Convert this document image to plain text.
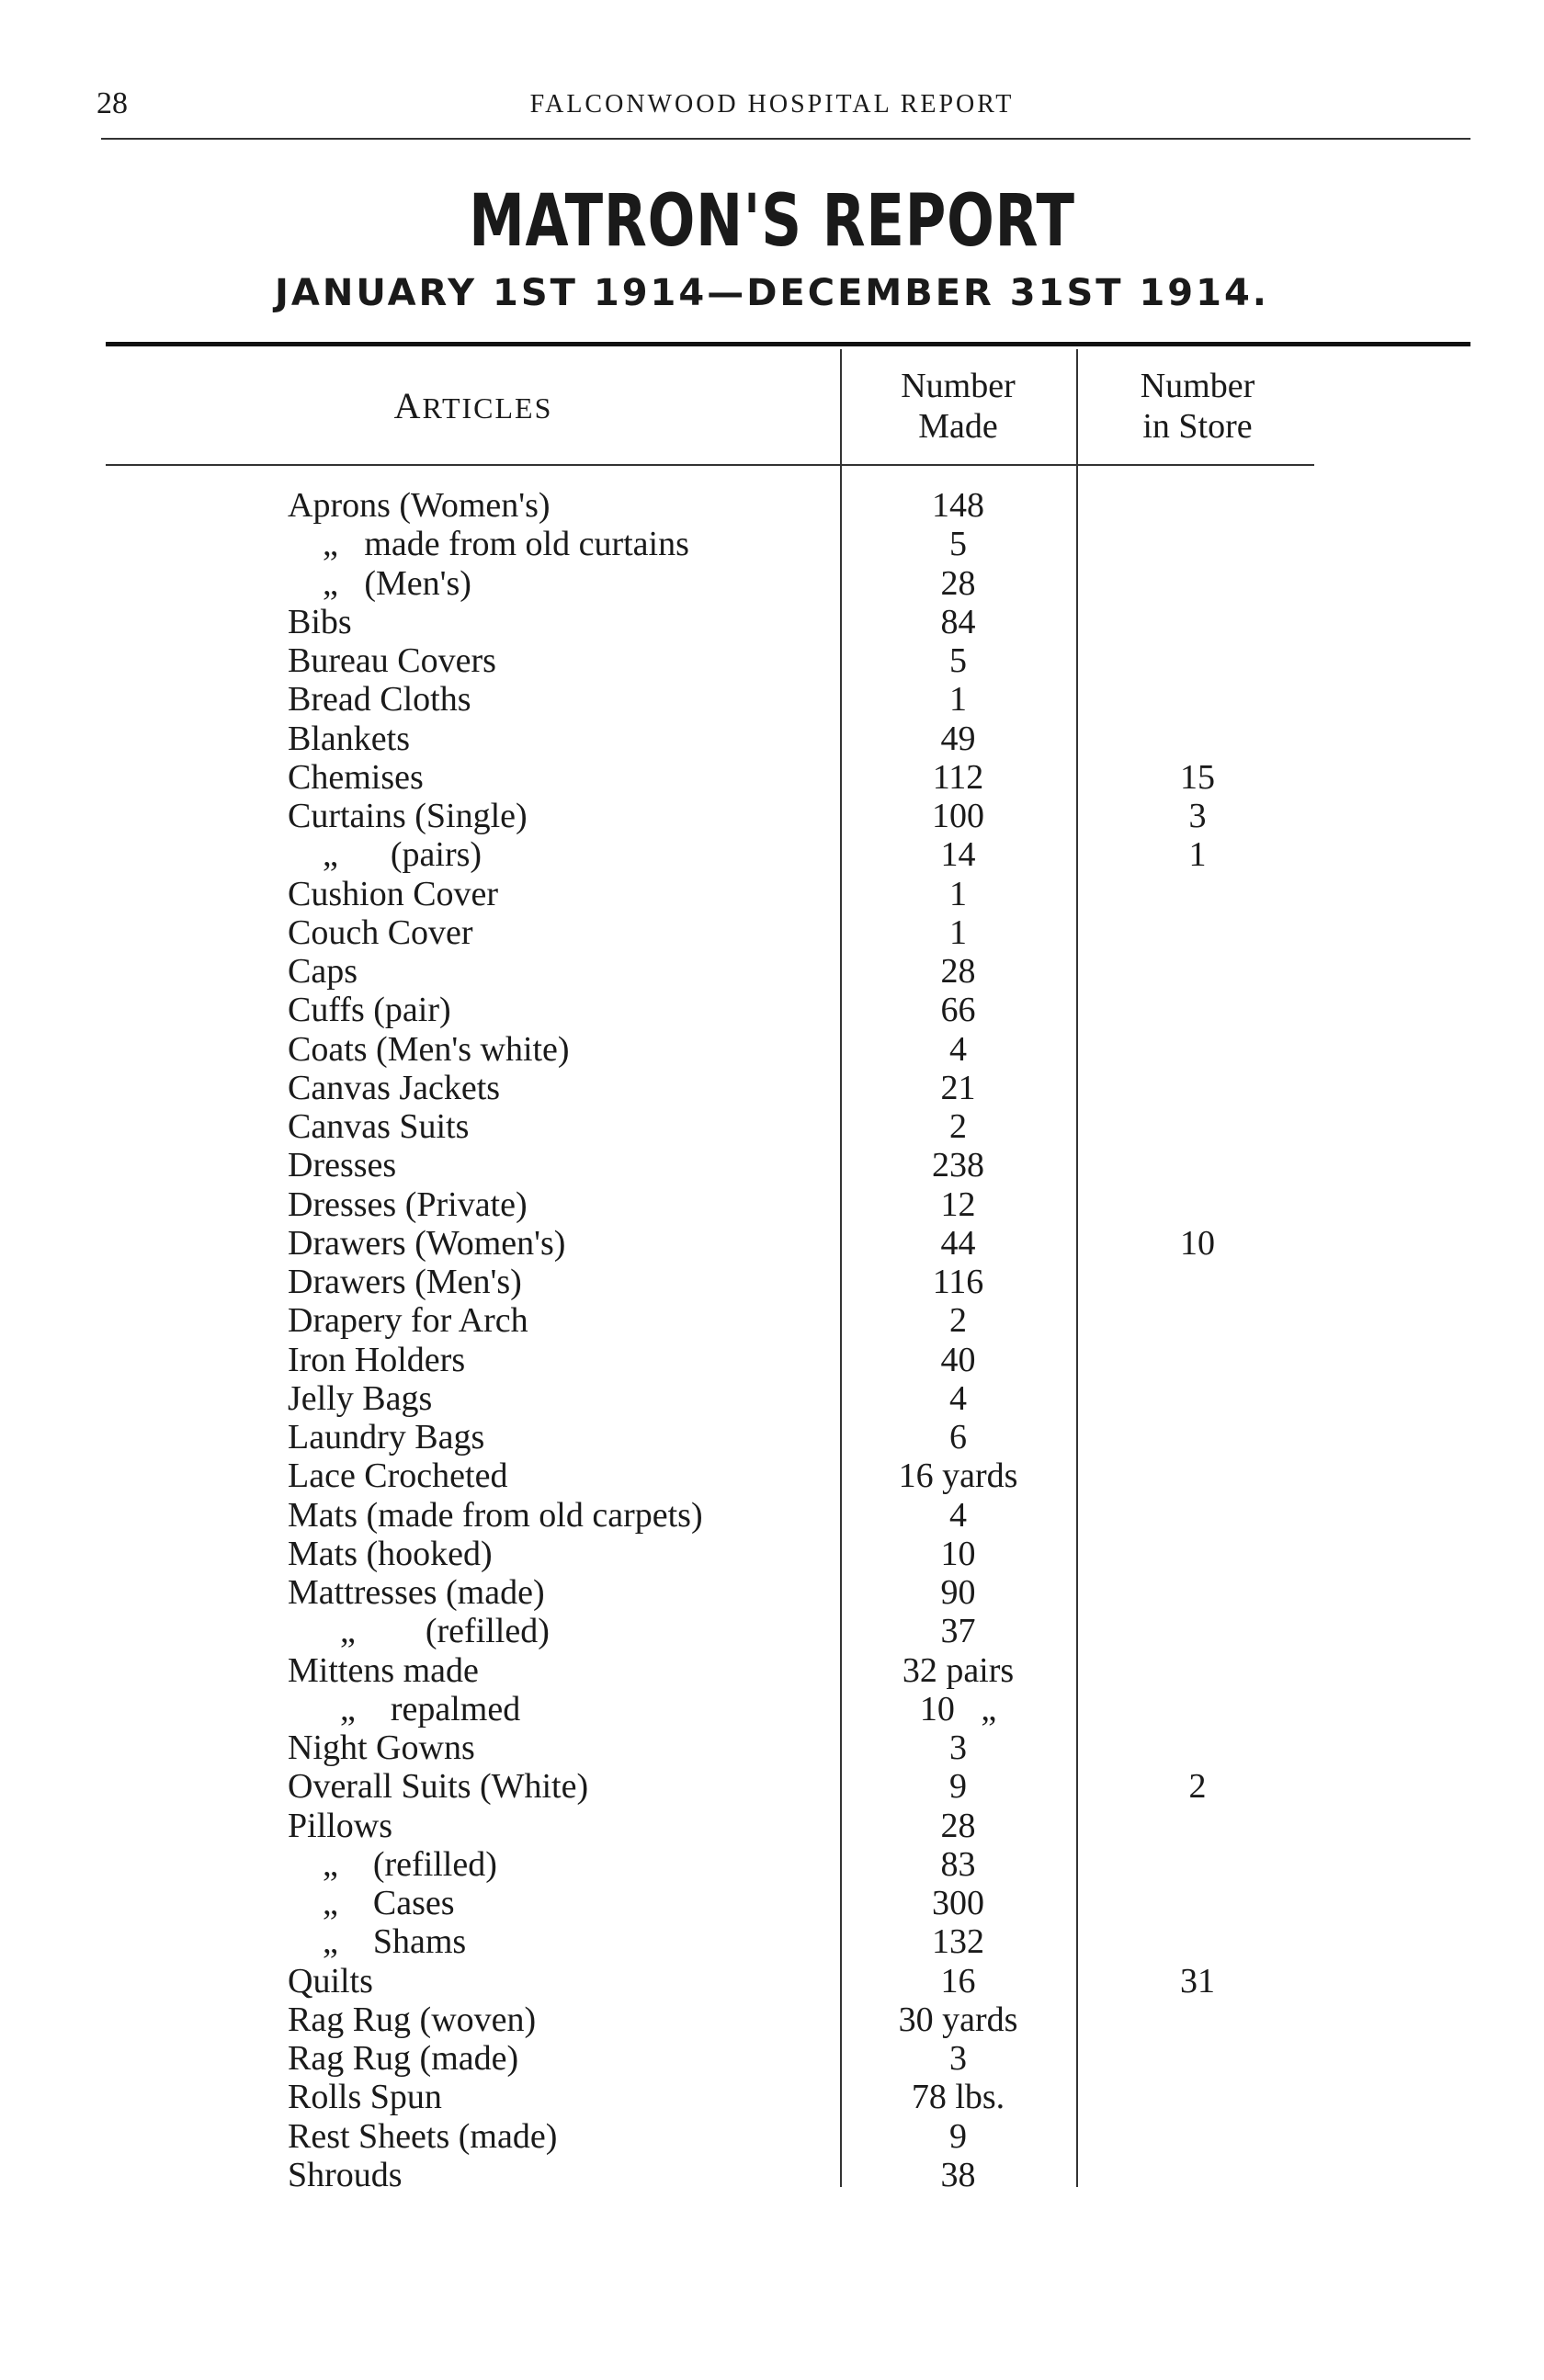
28	FALCONWOOD HOSPITAL REPORT
MATRON'S REPORT
JANUARY 1ST 1914—DECEMBER 31ST 1914.
ARTICLES
Number
Made
Number
in Store
Aprons (Women's)	148
„   made from old curtains	5
„   (Men's)	28
Bibs	84
Bureau Covers	5
Bread Cloths	1
Blankets	49
Chemises	112	15
Curtains (Single)	100	3
„      (pairs)	14	1
Cushion Cover	1
Couch Cover	1
Caps	28
Cuffs (pair)	66
Coats (Men's white)	4
Canvas Jackets	21
Canvas Suits	2
Dresses	238
Dresses (Private)	12
Drawers (Women's)	44	10
Drawers (Men's)	116
Drapery for Arch	2
Iron Holders	40
Jelly Bags	4
Laundry Bags	6
Lace Crocheted	16 yards
Mats (made from old carpets)	4
Mats (hooked)	10
Mattresses (made)	90
„        (refilled)	37
Mittens made	32 pairs
„    repalmed	10   „
Night Gowns	3
Overall Suits (White)	9	2
Pillows	28
„    (refilled)	83
„    Cases	300
„    Shams	132
Quilts	16	31
Rag Rug (woven)	30 yards
Rag Rug (made)	3
Rolls Spun	78 lbs.
Rest Sheets (made)	9
Shrouds	38
